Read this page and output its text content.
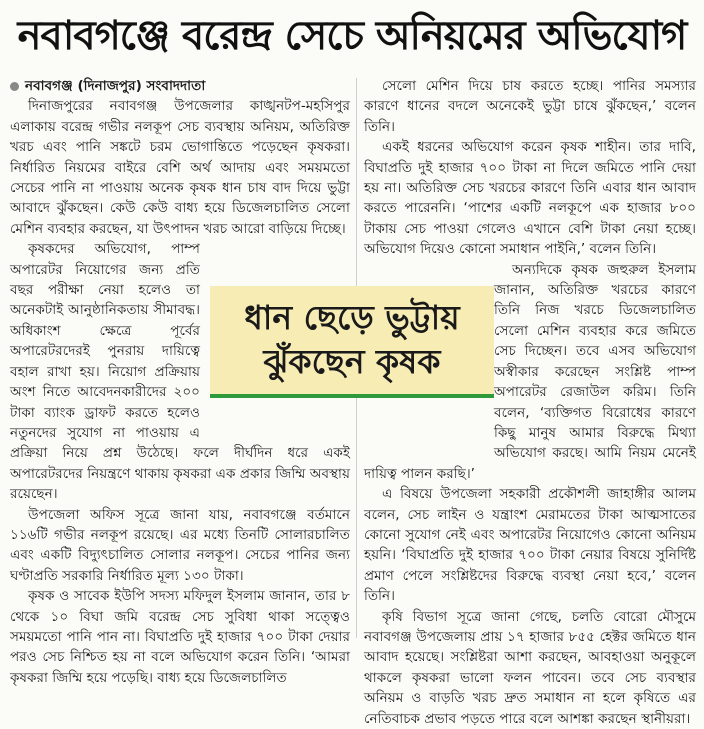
নবাবগঞ্জে বরেন্দ্র সেচে অনিয়মের অভিযোগ

নবাবগঞ্জ (দিনাজপুর) সংবাদদাতা

দিনাজপুরের নবাবগঞ্জ উপজেলার কাঙ্খনটপ-মহসিপুর এলাকায় বরেন্দ্র গভীর নলকূপ সেচ ব্যবস্থায় অনিয়ম, অতিরিক্ত খরচ এবং পানি সঙ্কটে চরম ভোগান্তিতে পড়েছেন কৃষকরা। নির্ধারিত নিয়মের বাইরে বেশি অর্থ আদায় এবং সময়মতো সেচের পানি না পাওয়ায় অনেক কৃষক ধান চাষ বাদ দিয়ে ভুট্টা আবাদে ঝুঁকছেন। কেউ কেউ বাধ্য হয়ে ডিজেলচালিত সেলো মেশিন ব্যবহার করছেন, যা উৎপাদন খরচ আরো বাড়িয়ে দিচ্ছে।

কৃষকদের অভিযোগ, পাম্প অপারেটর নিয়োগের জন্য প্রতি বছর পরীক্ষা নেয়া হলেও তা অনেকটাই আনুষ্ঠানিকতায় সীমাবদ্ধ। অধিকাংশ ক্ষেত্রে পূর্বের অপারেটরদেরই পুনরায় দায়িত্বে বহাল রাখা হয়। নিয়োগ প্রক্রিয়ায় অংশ নিতে আবেদনকারীদের ২০০ টাকা ব্যাংক ড্রাফট করতে হলেও নতুনদের সুযোগ না পাওয়ায় এ প্রক্রিয়া নিয়ে প্রশ্ন উঠেছে। ফলে দীর্ঘদিন ধরে একই অপারেটরদের নিয়ন্ত্রণে থাকায় কৃষকরা এক প্রকার জিম্মি অবস্থায় রয়েছেন।

উপজেলা অফিস সূত্রে জানা যায়, নবাবগঞ্জে বর্তমানে ১১৬টি গভীর নলকূপ রয়েছে। এর মধ্যে তিনটি সোলারচালিত এবং একটি বিদ্যুৎচালিত সোলার নলকূপ। সেচের পানির জন্য ঘণ্টাপ্রতি সরকারি নির্ধারিত মূল্য ১৩০ টাকা।

কৃষক ও সাবেক ইউপি সদস্য মফিদুল ইসলাম জানান, তার ৮ থেকে ১০ বিঘা জমি বরেন্দ্র সেচ সুবিধা থাকা সত্ত্বেও সময়মতো পানি পান না। বিঘাপ্রতি দুই হাজার ৭০০ টাকা দেয়ার পরও সেচ নিশ্চিত হয় না বলে অভিযোগ করেন তিনি। ‘আমরা কৃষকরা জিম্মি হয়ে পড়েছি। বাধ্য হয়ে ডিজেলচালিত

সেলো মেশিন দিয়ে চাষ করতে হচ্ছে। পানির সমস্যার কারণে ধানের বদলে অনেকেই ভুট্টা চাষে ঝুঁকছেন,’ বলেন তিনি।

একই ধরনের অভিযোগ করেন কৃষক শাহীন। তার দাবি, বিঘাপ্রতি দুই হাজার ৭০০ টাকা না দিলে জমিতে পানি দেয়া হয় না। অতিরিক্ত সেচ খরচের কারণে তিনি এবার ধান আবাদ করতে পারেননি। ‘পাশের একটি নলকূপে এক হাজার ৮০০ টাকায় সেচ পাওয়া গেলেও এখানে বেশি টাকা নেয়া হচ্ছে। অভিযোগ দিয়েও কোনো সমাধান পাইনি,’ বলেন তিনি।

অন্যদিকে কৃষক জহুরুল ইসলাম জানান, অতিরিক্ত খরচের কারণে তিনি নিজ খরচে ডিজেলচালিত সেলো মেশিন ব্যবহার করে জমিতে সেচ দিচ্ছেন। তবে এসব অভিযোগ অস্বীকার করেছেন সংশ্লিষ্ট পাম্প অপারেটর রেজাউল করিম। তিনি বলেন, ‘ব্যক্তিগত বিরোধের কারণে কিছু মানুষ আমার বিরুদ্ধে মিথ্যা অভিযোগ করছে। আমি নিয়ম মেনেই দায়িত্ব পালন করছি।’

এ বিষয়ে উপজেলা সহকারী প্রকৌশলী জাহাঙ্গীর আলম বলেন, সেচ লাইন ও যন্ত্রাংশ মেরামতের টাকা আত্মসাতের কোনো সুযোগ নেই এবং অপারেটর নিয়োগেও কোনো অনিয়ম হয়নি। ‘বিঘাপ্রতি দুই হাজার ৭০০ টাকা নেয়ার বিষয়ে সুনির্দিষ্ট প্রমাণ পেলে সংশ্লিষ্টদের বিরুদ্ধে ব্যবস্থা নেয়া হবে,’ বলেন তিনি।

কৃষি বিভাগ সূত্রে জানা গেছে, চলতি বোরো মৌসুমে নবাবগঞ্জ উপজেলায় প্রায় ১৭ হাজার ৮৫৫ হেক্টর জমিতে ধান আবাদ হয়েছে। সংশ্লিষ্টরা আশা করছেন, আবহাওয়া অনুকূলে থাকলে কৃষকরা ভালো ফলন পাবেন। তবে সেচ ব্যবস্থার অনিয়ম ও বাড়তি খরচ দ্রুত সমাধান না হলে কৃষিতে এর নেতিবাচক প্রভাব পড়তে পারে বলে আশঙ্কা করছেন স্থানীয়রা।

ধান ছেড়ে ভুট্টায়
ঝুঁকছেন কৃষক
